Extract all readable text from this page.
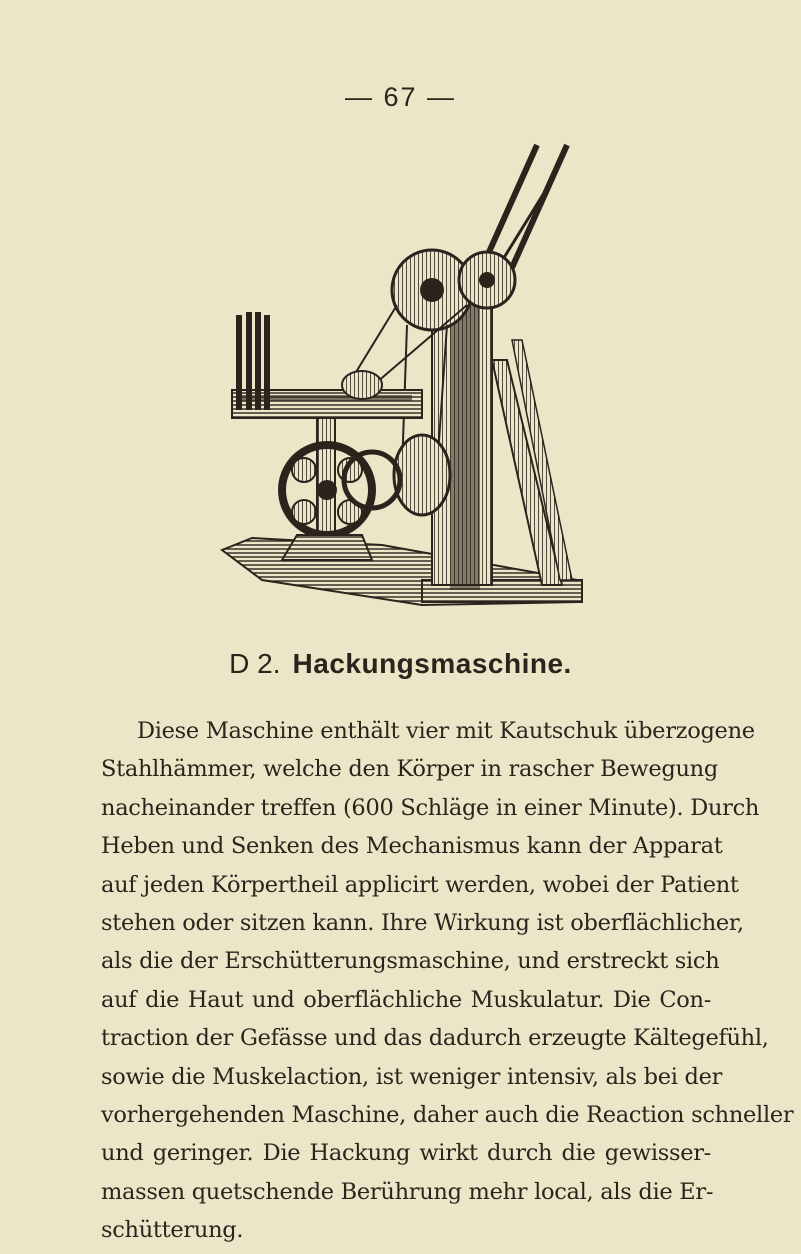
— 67 —
D 2. Hackungsmaschine.
Diese Maschine enthält vier mit Kautschuk überzogene
Stahlhämmer, welche den Körper in rascher Bewegung
nacheinander treffen (600 Schläge in einer Minute). Durch
Heben und Senken des Mechanismus kann der Apparat
auf jeden Körpertheil applicirt werden, wobei der Patient
stehen oder sitzen kann. Ihre Wirkung ist oberflächlicher,
als die der Erschütterungsmaschine, und erstreckt sich
auf die Haut und oberflächliche Muskulatur. Die Con-
traction der Gefässe und das dadurch erzeugte Kältegefühl,
sowie die Muskelaction, ist weniger intensiv, als bei der
vorhergehenden Maschine, daher auch die Reaction schneller
und geringer. Die Hackung wirkt durch die gewisser-
massen quetschende Berührung mehr local, als die Er-
schütterung.
